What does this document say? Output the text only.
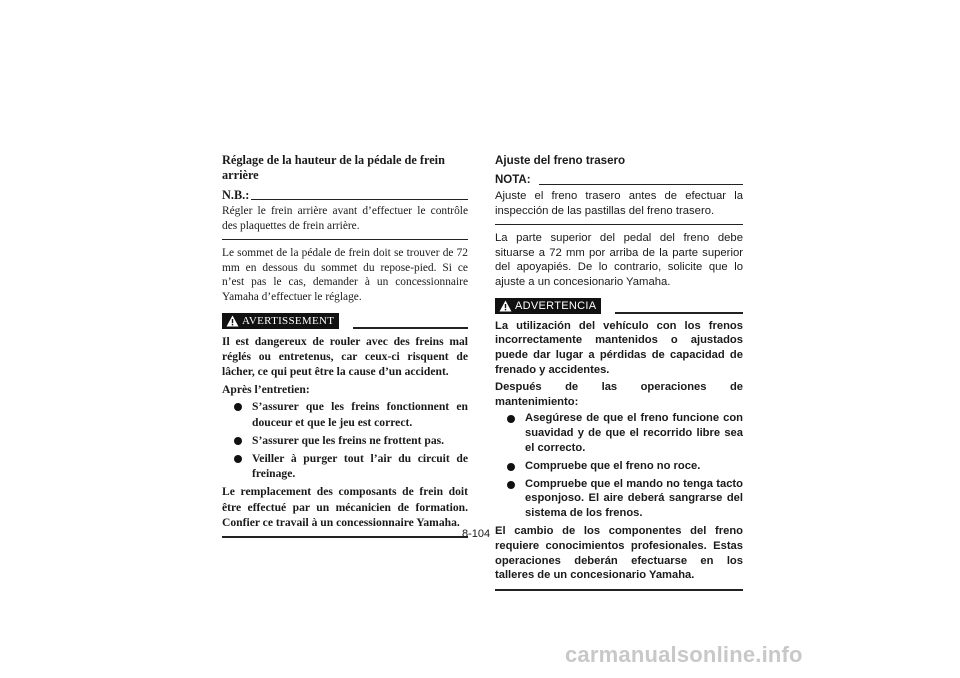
Réglage de la hauteur de la pédale de frein arrière
N.B.:

Régler le frein arrière avant d’effectuer le contrôle des plaquettes de frein arrière.

Le sommet de la pédale de frein doit se trouver de 72 mm en dessous du sommet du repose-pied. Si ce n’est pas le cas, demander à un concessionnaire Yamaha d’effectuer le réglage.

AVERTISSEMENT

Il est dangereux de rouler avec des freins mal réglés ou entretenus, car ceux-ci risquent de lâcher, ce qui peut être la cause d’un accident.

Après l’entretien:

S’assurer que les freins fonctionnent en douceur et que le jeu est correct.
S’assurer que les freins ne frottent pas.
Veiller à purger tout l’air du circuit de freinage.

Le remplacement des composants de frein doit être effectué par un mécanicien de formation. Confier ce travail à un concessionnaire Yamaha.

Ajuste del freno trasero
NOTA:

Ajuste el freno trasero antes de efectuar la inspección de las pastillas del freno trasero.

La parte superior del pedal del freno debe situarse a 72 mm por arriba de la parte superior del apoyapiés. De lo contrario, solicite que lo ajuste a un concesionario Yamaha.

ADVERTENCIA

La utilización del vehículo con los frenos incorrectamente mantenidos o ajustados puede dar lugar a pérdidas de capacidad de frenado y accidentes.

Después de las operaciones de mantenimiento:

Asegúrese de que el freno funcione con suavidad y de que el recorrido libre sea el correcto.
Compruebe que el freno no roce.
Compruebe que el mando no tenga tacto esponjoso. El aire deberá sangrarse del sistema de los frenos.

El cambio de los componentes del freno requiere conocimientos profesionales. Estas operaciones deberán efectuarse en los talleres de un concesionario Yamaha.

8-104
carmanualsonline.info
